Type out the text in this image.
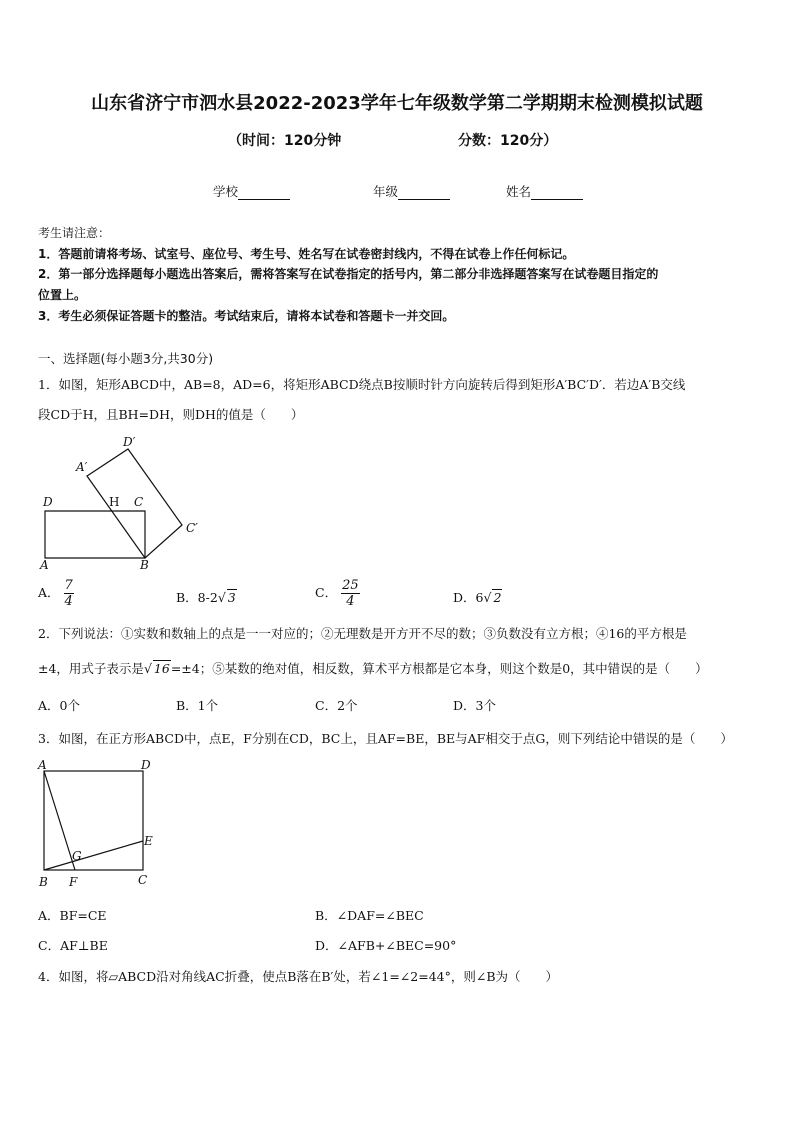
山东省济宁市泗水县2022-2023学年七年级数学第二学期期末检测模拟试题
（时间：120分钟	分数：120分）
学校	年级	姓名
考生请注意：
1．答题前请将考场、试室号、座位号、考生号、姓名写在试卷密封线内，不得在试卷上作任何标记。
2．第一部分选择题每小题选出答案后，需将答案写在试卷指定的括号内，第二部分非选择题答案写在试卷题目指定的
位置上。
3．考生必须保证答题卡的整洁。考试结束后，请将本试卷和答题卡一并交回。
一、选择题(每小题3分,共30分)
1．如图，矩形ABCD中，AB=8，AD=6，将矩形ABCD绕点B按顺时针方向旋转后得到矩形A′BC′D′．若边A′B交线
段CD于H，且BH=DH，则DH的值是（　　）
A	B
C
D	H
A′
C′
D′
A． $\frac{7}{4}$	B．8-2√ 3	C． $\frac{25}{4}$	D．6√ 2
2．下列说法：①实数和数轴上的点是一一对应的；②无理数是开方开不尽的数；③负数没有立方根；④16的平方根是
±4，用式子表示是√ 16=±4；⑤某数的绝对值，相反数，算术平方根都是它本身，则这个数是0，其中错误的是（　　）
A．0个	B．1个	C．2个	D．3个
3．如图，在正方形ABCD中，点E，F分别在CD，BC上，且AF=BE，BE与AF相交于点G，则下列结论中错误的是（　　）
A	D
B	C
E
F
G
A．BF=CE	B．∠DAF=∠BEC
C．AF⊥BE	D．∠AFB+∠BEC=90°
4．如图，将▱ABCD沿对角线AC折叠，使点B落在B′处，若∠1=∠2=44°，则∠B为（　　）
